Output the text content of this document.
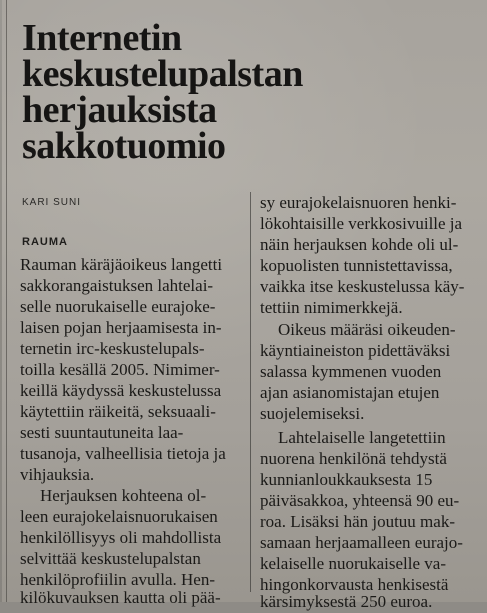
Internetin
keskustelupalstan
herjauksista
sakkotuomio
KARI SUNI
RAUMA
Rauman käräjäoikeus langetti
sakkorangaistuksen lahtelai-
selle nuorukaiselle eurajoke-
laisen pojan herjaamisesta in-
ternetin irc-keskustelupals-
toilla kesällä 2005. Nimimer-
keillä käydyssä keskustelussa
käytettiin räikeitä, seksuaali-
sesti suuntautuneita laa-
tusanoja, valheellisia tietoja ja
vihjauksia.
Herjauksen kohteena ol-
leen eurajokelaisnuorukaisen
henkilöllisyys oli mahdollista
selvittää keskustelupalstan
henkilöprofiilin avulla. Hen-
kilökuvauksen kautta oli pää-
sy eurajokelaisnuoren henki-
lökohtaisille verkkosivuille ja
näin herjauksen kohde oli ul-
kopuolisten tunnistettavissa,
vaikka itse keskustelussa käy-
tettiin nimimerkkejä.
Oikeus määräsi oikeuden-
käyntiaineiston pidettäväksi
salassa kymmenen vuoden
ajan asianomistajan etujen
suojelemiseksi.
Lahtelaiselle langetettiin
nuorena henkilönä tehdystä
kunnianloukkauksesta 15
päiväsakkoa, yhteensä 90 eu-
roa. Lisäksi hän joutuu mak-
samaan herjaamalleen eurajo-
kelaiselle nuorukaiselle va-
hingonkorvausta henkisestä
kärsimyksestä 250 euroa.
